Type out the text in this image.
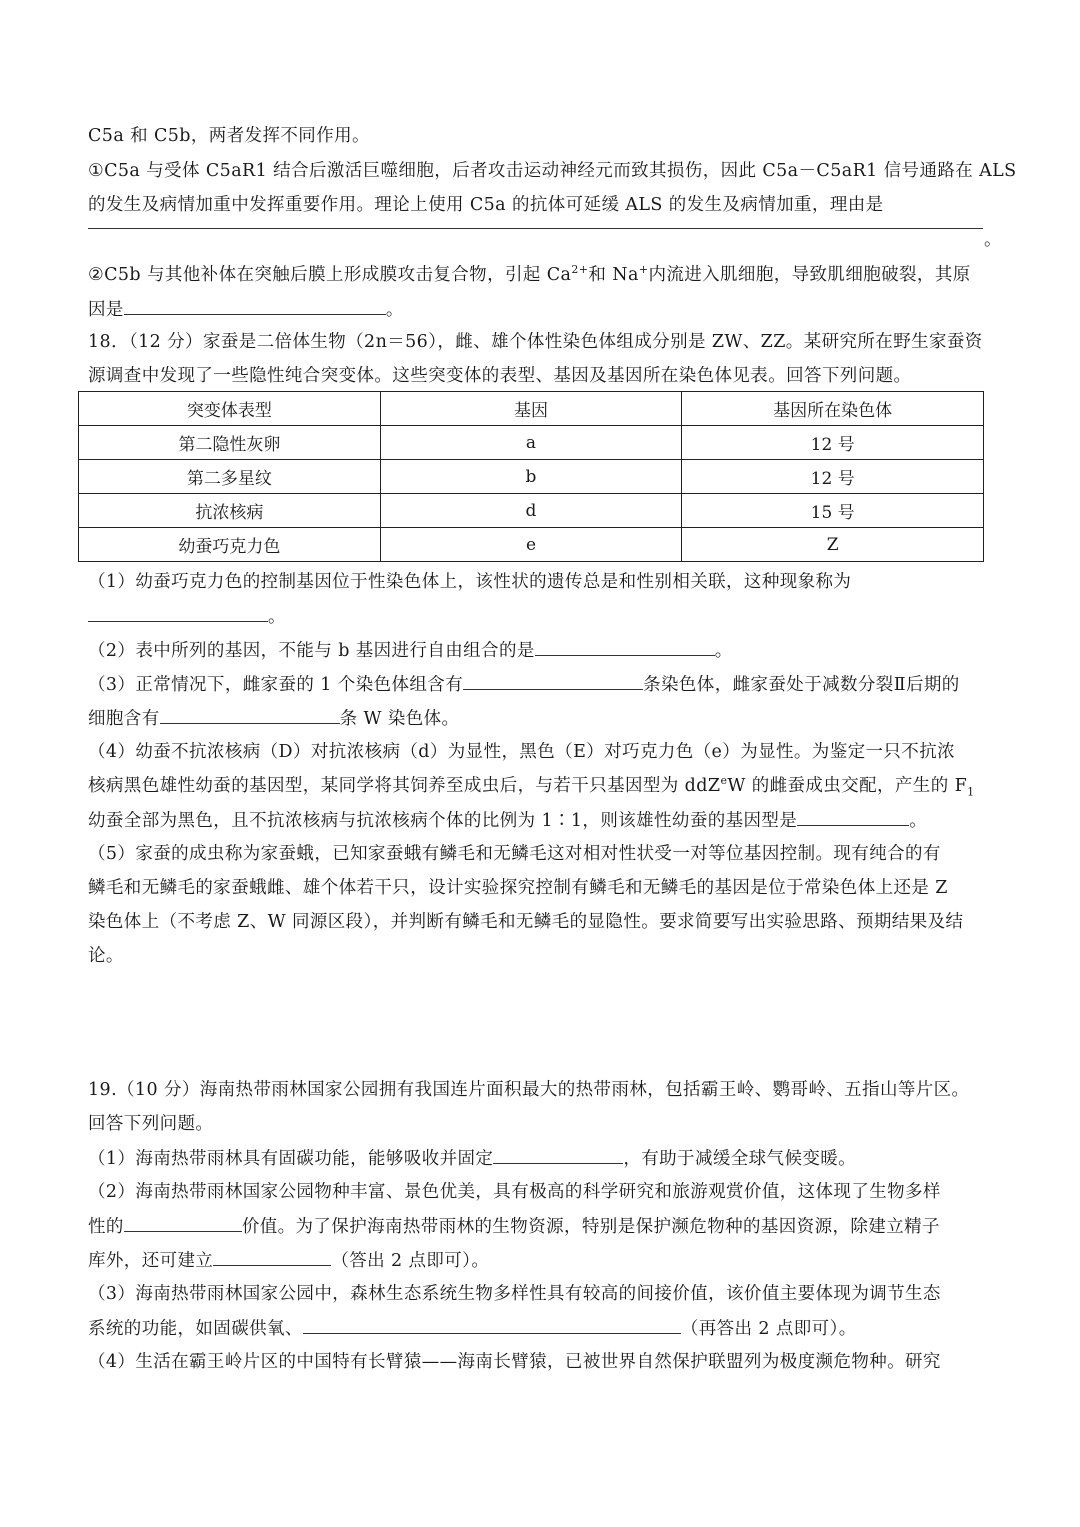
C5a 和 C5b，两者发挥不同作用。
①C5a 与受体 C5aR1 结合后激活巨噬细胞，后者攻击运动神经元而致其损伤，因此 C5a－C5aR1 信号通路在 ALS
的发生及病情加重中发挥重要作用。理论上使用 C5a 的抗体可延缓 ALS 的发生及病情加重，理由是
。
②C5b 与其他补体在突触后膜上形成膜攻击复合物，引起 $Ca^{2+}$和 Na+内流进入肌细胞，导致肌细胞破裂，其原
因是	。
18．（12 分）家蚕是二倍体生物（2n＝56），雌、雄个体性染色体组成分别是 ZW、ZZ。某研究所在野生家蚕资
源调查中发现了一些隐性纯合突变体。这些突变体的表型、基因及基因所在染色体见表。回答下列问题。
突变体表型	基因	基因所在染色体
第二隐性灰卵	a	12 号
第二多星纹	b	12 号
抗浓核病	d	15 号
幼蚕巧克力色	e	Z
（1）幼蚕巧克力色的控制基因位于性染色体上，该性状的遗传总是和性别相关联，这种现象称为
。
（2）表中所列的基因，不能与 b 基因进行自由组合的是	。
（3）正常情况下，雌家蚕的 1 个染色体组含有	条染色体，雌家蚕处于减数分裂Ⅱ后期的
细胞含有	条 W 染色体。
（4）幼蚕不抗浓核病（D）对抗浓核病（d）为显性，黑色（E）对巧克力色（e）为显性。为鉴定一只不抗浓
核病黑色雄性幼蚕的基因型，某同学将其饲养至成虫后，与若干只基因型为 ddZ$^e$W 的雌蚕成虫交配，产生的 $F_1$
幼蚕全部为黑色，且不抗浓核病与抗浓核病个体的比例为 1∶1，则该雄性幼蚕的基因型是	。
（5）家蚕的成虫称为家蚕蛾，已知家蚕蛾有鳞毛和无鳞毛这对相对性状受一对等位基因控制。现有纯合的有
鳞毛和无鳞毛的家蚕蛾雌、雄个体若干只，设计实验探究控制有鳞毛和无鳞毛的基因是位于常染色体上还是 Z
染色体上（不考虑 Z、W 同源区段），并判断有鳞毛和无鳞毛的显隐性。要求简要写出实验思路、预期结果及结
论。
19.（10 分）海南热带雨林国家公园拥有我国连片面积最大的热带雨林，包括霸王岭、鹦哥岭、五指山等片区。
回答下列问题。
（1）海南热带雨林具有固碳功能，能够吸收并固定	，有助于减缓全球气候变暖。
（2）海南热带雨林国家公园物种丰富、景色优美，具有极高的科学研究和旅游观赏价值，这体现了生物多样
性的	价值。为了保护海南热带雨林的生物资源，特别是保护濒危物种的基因资源，除建立精子
库外，还可建立	（答出 2 点即可）。
（3）海南热带雨林国家公园中，森林生态系统生物多样性具有较高的间接价值，该价值主要体现为调节生态
系统的功能，如固碳供氧、	（再答出 2 点即可）。
（4）生活在霸王岭片区的中国特有长臂猿——海南长臂猿，已被世界自然保护联盟列为极度濒危物种。研究
